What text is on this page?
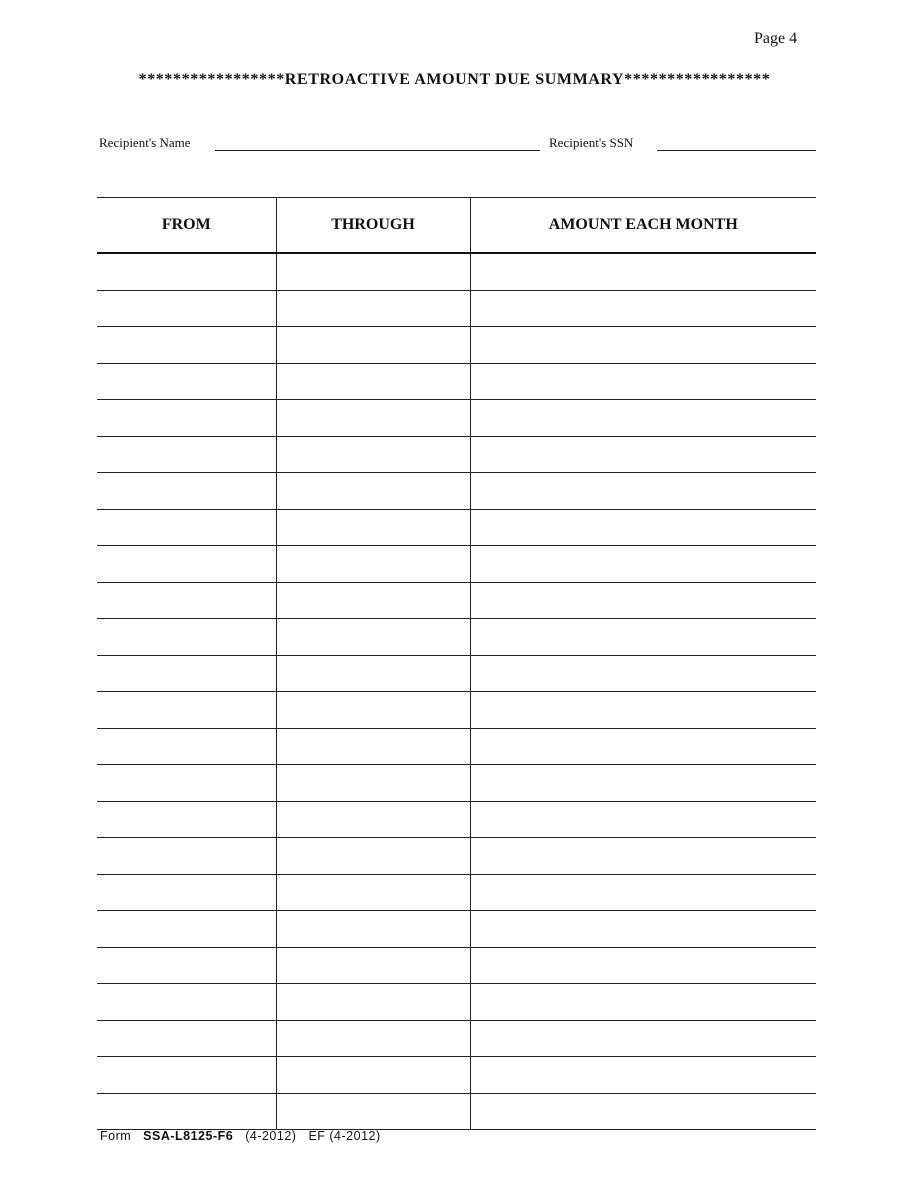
Page 4
*****************RETROACTIVE AMOUNT DUE SUMMARY*****************
Recipient's Name	Recipient's SSN
FROM	THROUGH	AMOUNT EACH MONTH

Form SSA-L8125-F6 (4-2012) EF (4-2012)
